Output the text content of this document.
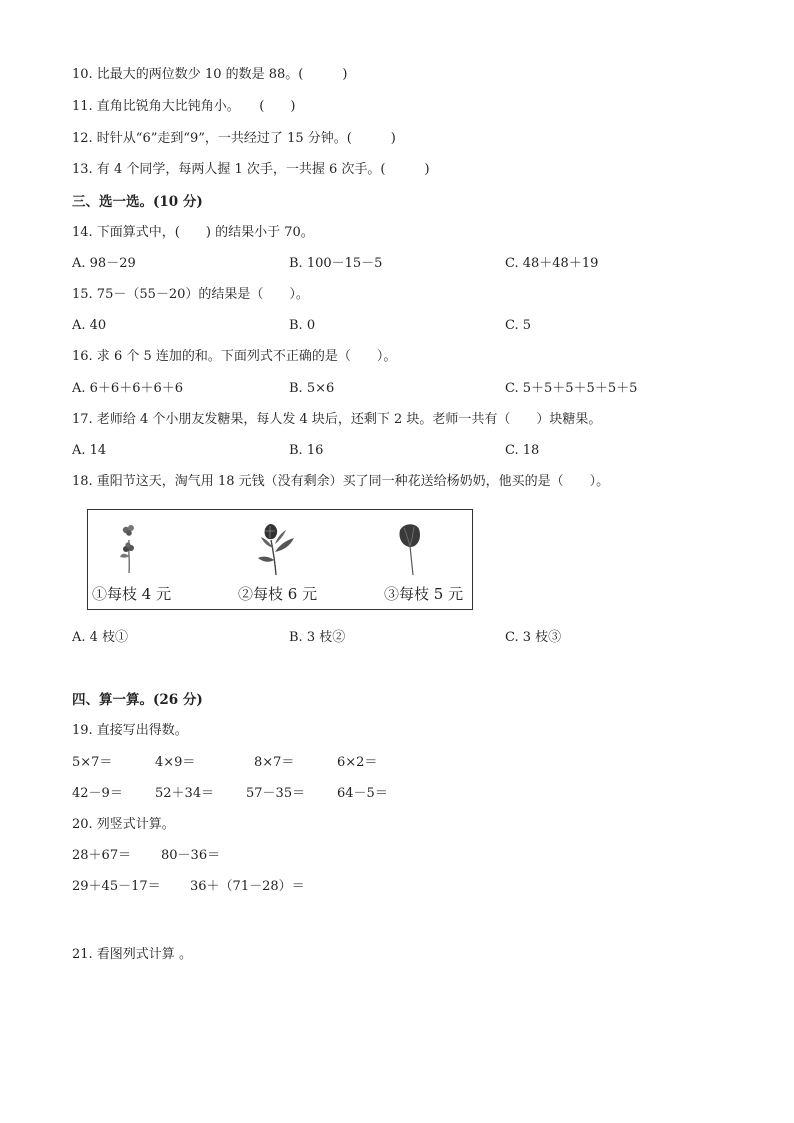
10. 比最大的两位数少 10 的数是 88。(　　　)
11. 直角比锐角大比钝角小。　　(　　)
12. 时针从“6”走到“9”，一共经过了 15 分钟。(　　　)
13. 有 4 个同学，每两人握 1 次手，一共握 6 次手。(　　　)
三、选一选。(10 分)
14. 下面算式中，(　　) 的结果小于 70。
A. 98－29	B. 100－15－5	C. 48＋48＋19
15. 75－（55－20）的结果是（　　）。
A. 40	B. 0	C. 5
16. 求 6 个 5 连加的和。下面列式不正确的是（　　）。
A. 6＋6＋6＋6＋6	B. 5×6	C. 5＋5＋5＋5＋5＋5
17. 老师给 4 个小朋友发糖果，每人发 4 块后，还剩下 2 块。老师一共有（　　）块糖果。
A. 14	B. 16	C. 18
18. 重阳节这天，淘气用 18 元钱（没有剩余）买了同一种花送给杨奶奶，他买的是（　　）。
①每枝 4 元	②每枝 6 元	③每枝 5 元
A. 4 枝①	B. 3 枝②	C. 3 枝③
四、算一算。(26 分)
19. 直接写出得数。
5×7＝	4×9＝	8×7＝	6×2＝
42－9＝ 52＋34＝ 57－35＝ 64－5＝
20. 列竖式计算。
28＋67＝ 80－36＝
29＋45－17＝ 36＋（71－28）＝
21. 看图列式计算 。
